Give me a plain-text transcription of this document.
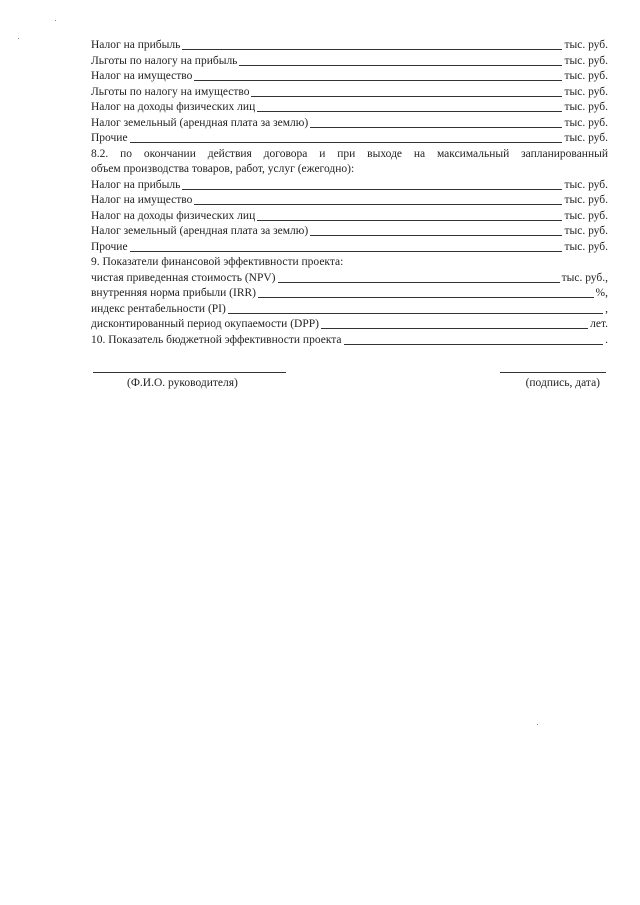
Налог на прибыль	тыс. руб.
Льготы по налогу на прибыль	тыс. руб.
Налог на имущество	тыс. руб.
Льготы по налогу на имущество	тыс. руб.
Налог на доходы физических лиц	тыс. руб.
Налог земельный (арендная плата за землю)	тыс. руб.
Прочие	тыс. руб.
8.2. по окончании действия договора и при выходе на максимальный запланированный
объем производства товаров, работ, услуг (ежегодно):
Налог на прибыль	тыс. руб.
Налог на имущество	тыс. руб.
Налог на доходы физических лиц	тыс. руб.
Налог земельный (арендная плата за землю)	тыс. руб.
Прочие	тыс. руб.
9. Показатели финансовой эффективности проекта:
чистая приведенная стоимость (NPV)	тыс. руб.,
внутренняя норма прибыли (IRR)	%,
индекс рентабельности (PI)	,
дисконтированный период окупаемости (DPP)	лет.
10. Показатель бюджетной эффективности проекта	.
(Ф.И.О. руководителя)	(подпись, дата)
